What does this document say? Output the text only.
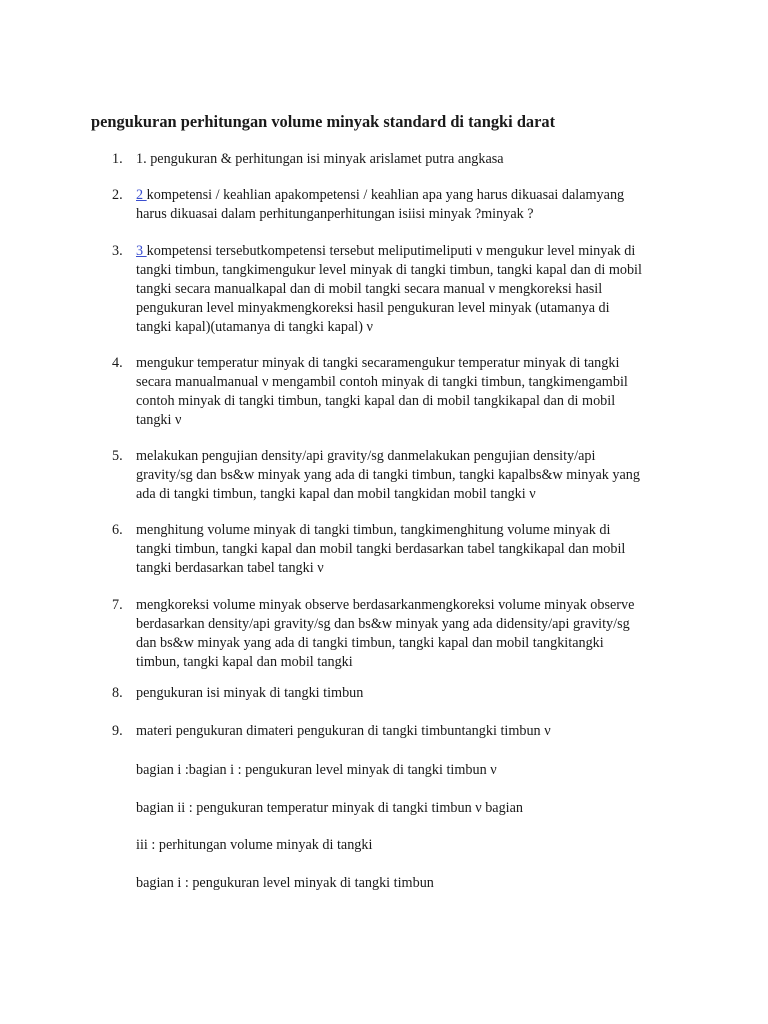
pengukuran perhitungan volume minyak standard di tangki darat
1. 1. pengukuran & perhitungan isi minyak arislamet putra angkasa
2. 2 kompetensi / keahlian apakompetensi / keahlian apa yang harus dikuasai dalamyang
harus dikuasai dalam perhitunganperhitungan isiisi minyak ?minyak ?
3. 3 kompetensi tersebutkompetensi tersebut meliputimeliputi ν mengukur level minyak di
tangki timbun, tangkimengukur level minyak di tangki timbun, tangki kapal dan di mobil
tangki secara manualkapal dan di mobil tangki secara manual ν mengkoreksi hasil
pengukuran level minyakmengkoreksi hasil pengukuran level minyak (utamanya di
tangki kapal)(utamanya di tangki kapal) ν
4. mengukur temperatur minyak di tangki secaramengukur temperatur minyak di tangki
secara manualmanual ν mengambil contoh minyak di tangki timbun, tangkimengambil
contoh minyak di tangki timbun, tangki kapal dan di mobil tangkikapal dan di mobil
tangki ν
5. melakukan pengujian density/api gravity/sg danmelakukan pengujian density/api
gravity/sg dan bs&w minyak yang ada di tangki timbun, tangki kapalbs&w minyak yang
ada di tangki timbun, tangki kapal dan mobil tangkidan mobil tangki ν
6. menghitung volume minyak di tangki timbun, tangkimenghitung volume minyak di
tangki timbun, tangki kapal dan mobil tangki berdasarkan tabel tangkikapal dan mobil
tangki berdasarkan tabel tangki ν
7. mengkoreksi volume minyak observe berdasarkanmengkoreksi volume minyak observe
berdasarkan density/api gravity/sg dan bs&w minyak yang ada didensity/api gravity/sg
dan bs&w minyak yang ada di tangki timbun, tangki kapal dan mobil tangkitangki
timbun, tangki kapal dan mobil tangki
8. pengukuran isi minyak di tangki timbun
9. materi pengukuran dimateri pengukuran di tangki timbuntangki timbun ν
bagian i :bagian i : pengukuran level minyak di tangki timbun ν
bagian ii : pengukuran temperatur minyak di tangki timbun ν bagian
iii : perhitungan volume minyak di tangki
bagian i : pengukuran level minyak di tangki timbun
